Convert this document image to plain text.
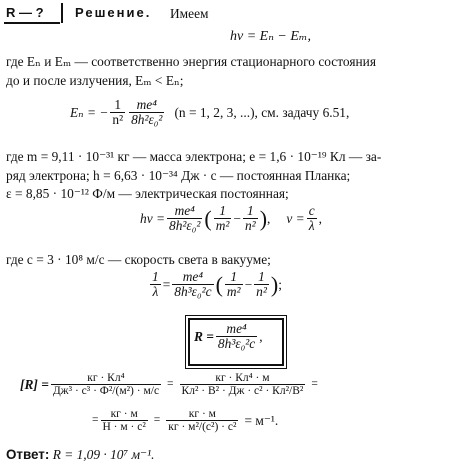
R — ? Решение. Имеем
hν = Eₙ − Eₘ,
где Eₙ и Eₘ — соответственно энергия стационарного состояния
до и после излучения, Eₘ < Eₙ;
Eₙ = − $\frac{1}{\text{n²}} \frac{\text{me⁴}}{\text{8h²ε₀²}} (n = 1$, 2, 3, ...), см. задачу 6.51,
где m = 9,11 · 10⁻³¹ кг — масса электрона; e = 1,6 · 10⁻¹⁹ Кл — за-
ряд электрона; h = 6,63 · 10⁻³⁴ Дж · с — постоянная Планка;
ε = 8,85 · 10⁻¹² Ф/м — электрическая постоянная;
$h\nu = \frac{\text{me⁴}}{\text{8h²ε₀²}}$ ( $\frac{1}{\text{m²}} - \frac{1}{\text{n²}}$ ) , $\nu = \frac{c}{\lambda}$ ,
где c = 3 · 10⁸ м/с — скорость света в вакууме;
$\frac{1}{\lambda} = \frac{\text{me⁴}}{\text{8h³ε₀²c}}$ ( $\frac{1}{\text{m²}} - \frac{1}{\text{n²}}$ ) ;
$R = \frac{\text{me⁴}}{\text{8h³ε₀²c}}$ ,
$[R] = \frac{\text{кг · Кл⁴}}{\text{Дж³ · с³ · Ф²/(м²) · м/с}} = \frac{\text{кг · Кл⁴ · м}}{\text{Кл² · В² · Дж · с² · Кл²/В²}}$ =
= $\frac{кг \cdot м}{\text{Н · м · с²}} = \frac{кг \cdot м}{\text{кг · м²/(с²) · с²}} = м^{-1}$.
Ответ: R = 1,09 · 10⁷ м⁻¹.
